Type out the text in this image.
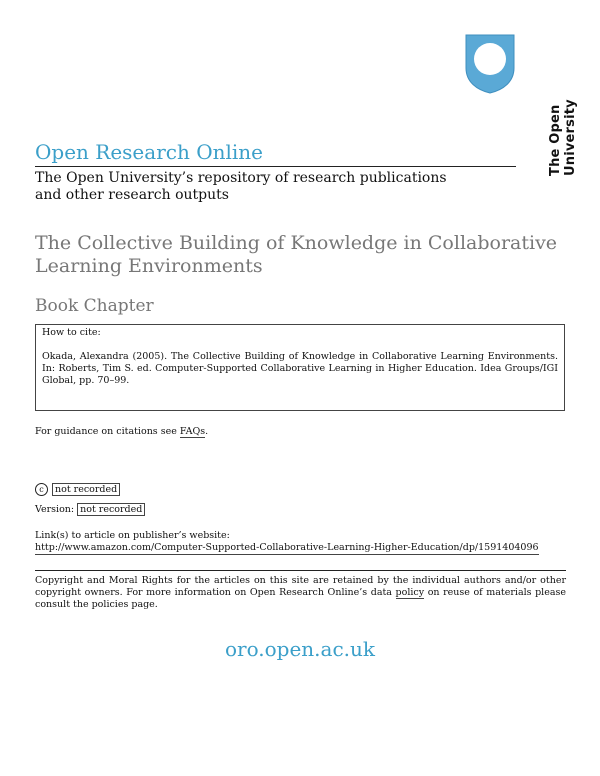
The Open University
Open Research Online
The Open University’s repository of research publications
and other research outputs
The Collective Building of Knowledge in Collaborative
Learning Environments
Book Chapter
How to cite:
Okada, Alexandra (2005). The Collective Building of Knowledge in Collaborative Learning Environments. In: Roberts, Tim S. ed. Computer-Supported Collaborative Learning in Higher Education. Idea Groups/IGI Global, pp. 70–99.
For guidance on citations see FAQs.
c not recorded
Version: not recorded
Link(s) to article on publisher’s website:
http://www.amazon.com/Computer-Supported-Collaborative-Learning-Higher-Education/dp/1591404096
Copyright and Moral Rights for the articles on this site are retained by the individual authors and/or other copyright owners. For more information on Open Research Online’s data policy on reuse of materials please consult the policies page.
oro.open.ac.uk
